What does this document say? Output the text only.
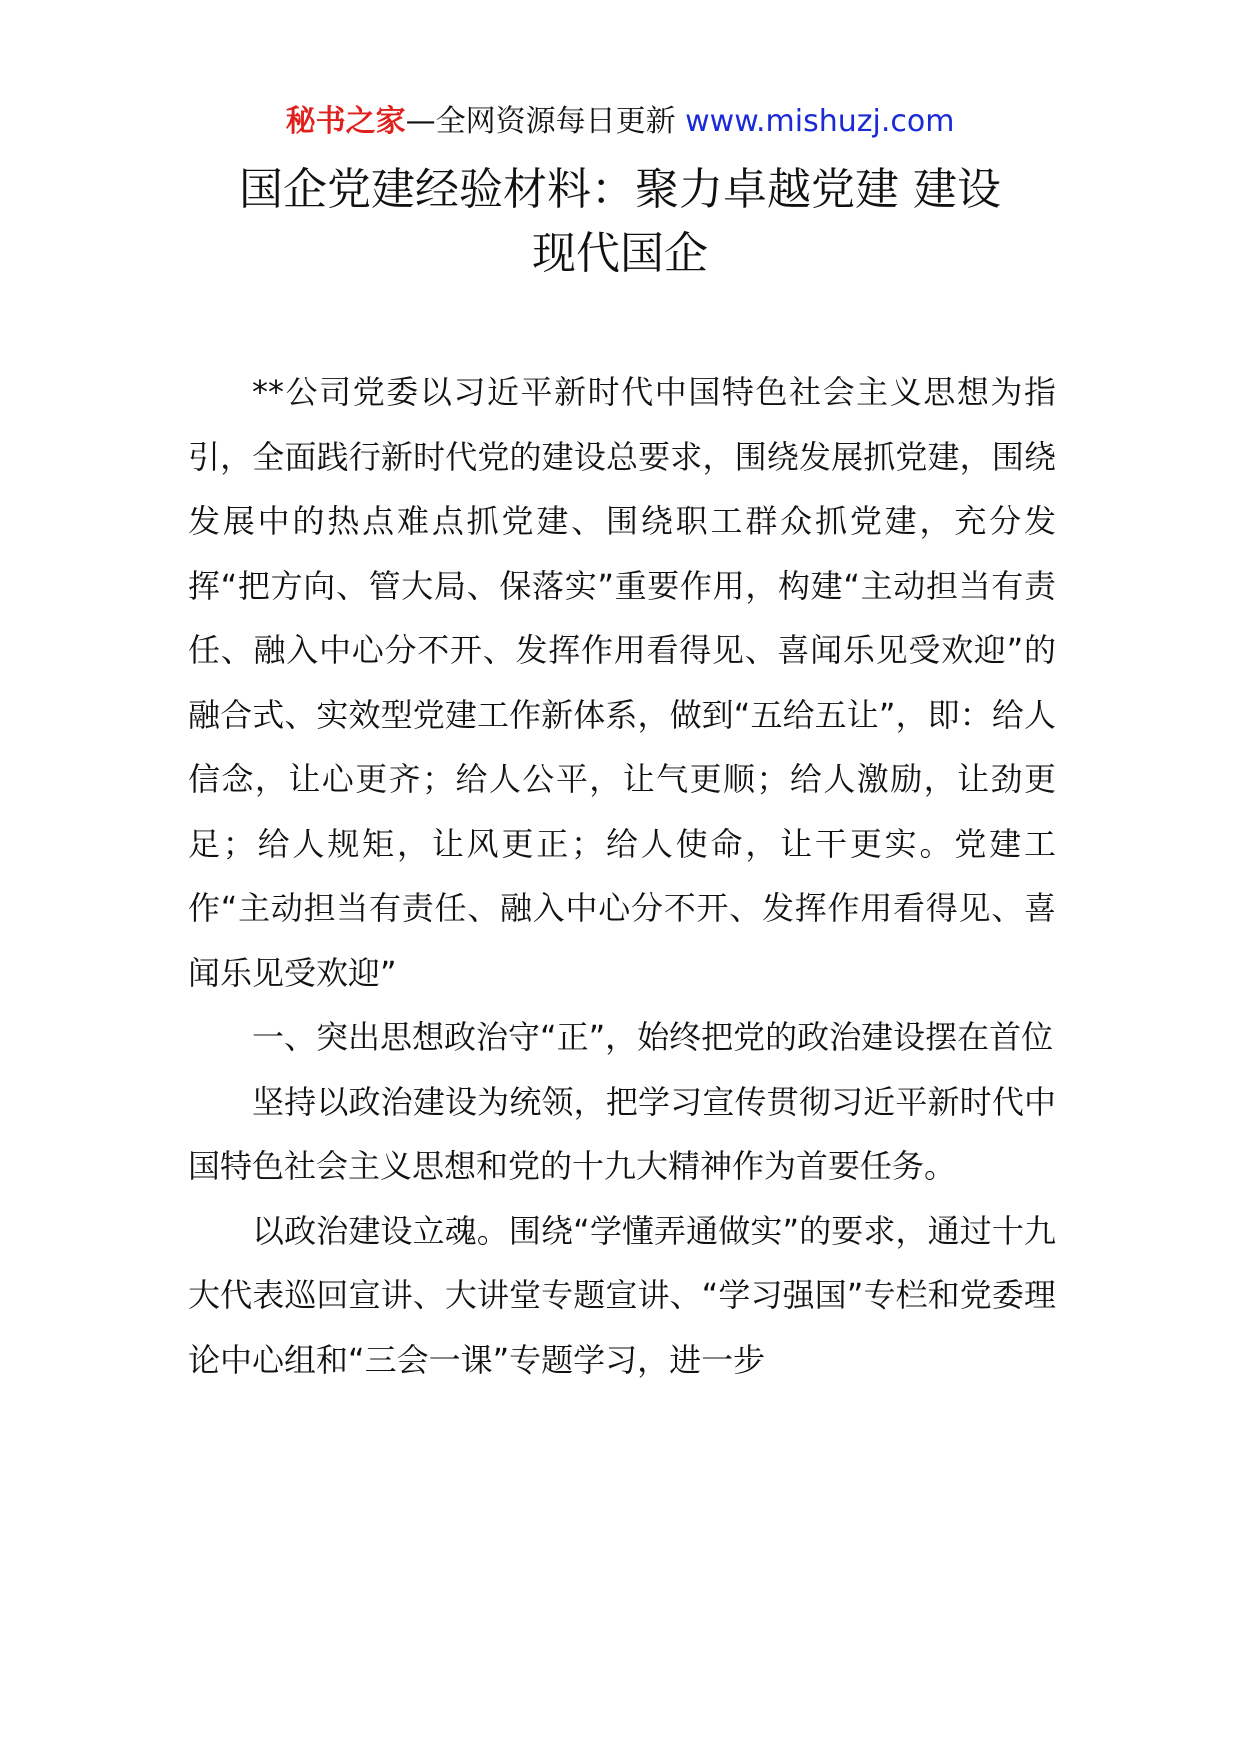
秘书之家—全网资源每日更新 www.mishuzj.com
国企党建经验材料：聚力卓越党建 建设
现代国企

**公司党委以习近平新时代中国特色社会主义思想为指引，全面践行新时代党的建设总要求，围绕发展抓党建，围绕发展中的热点难点抓党建、围绕职工群众抓党建，充分发挥“把方向、管大局、保落实”重要作用，构建“主动担当有责任、融入中心分不开、发挥作用看得见、喜闻乐见受欢迎”的融合式、实效型党建工作新体系，做到“五给五让”，即：给人信念，让心更齐；给人公平，让气更顺；给人激励，让劲更足；给人规矩，让风更正；给人使命，让干更实。党建工作“主动担当有责任、融入中心分不开、发挥作用看得见、喜闻乐见受欢迎”

一、突出思想政治守“正”，始终把党的政治建设摆在首位

坚持以政治建设为统领，把学习宣传贯彻习近平新时代中国特色社会主义思想和党的十九大精神作为首要任务。

以政治建设立魂。围绕“学懂弄通做实”的要求，通过十九大代表巡回宣讲、大讲堂专题宣讲、“学习强国”专栏和党委理论中心组和“三会一课”专题学习，进一步
